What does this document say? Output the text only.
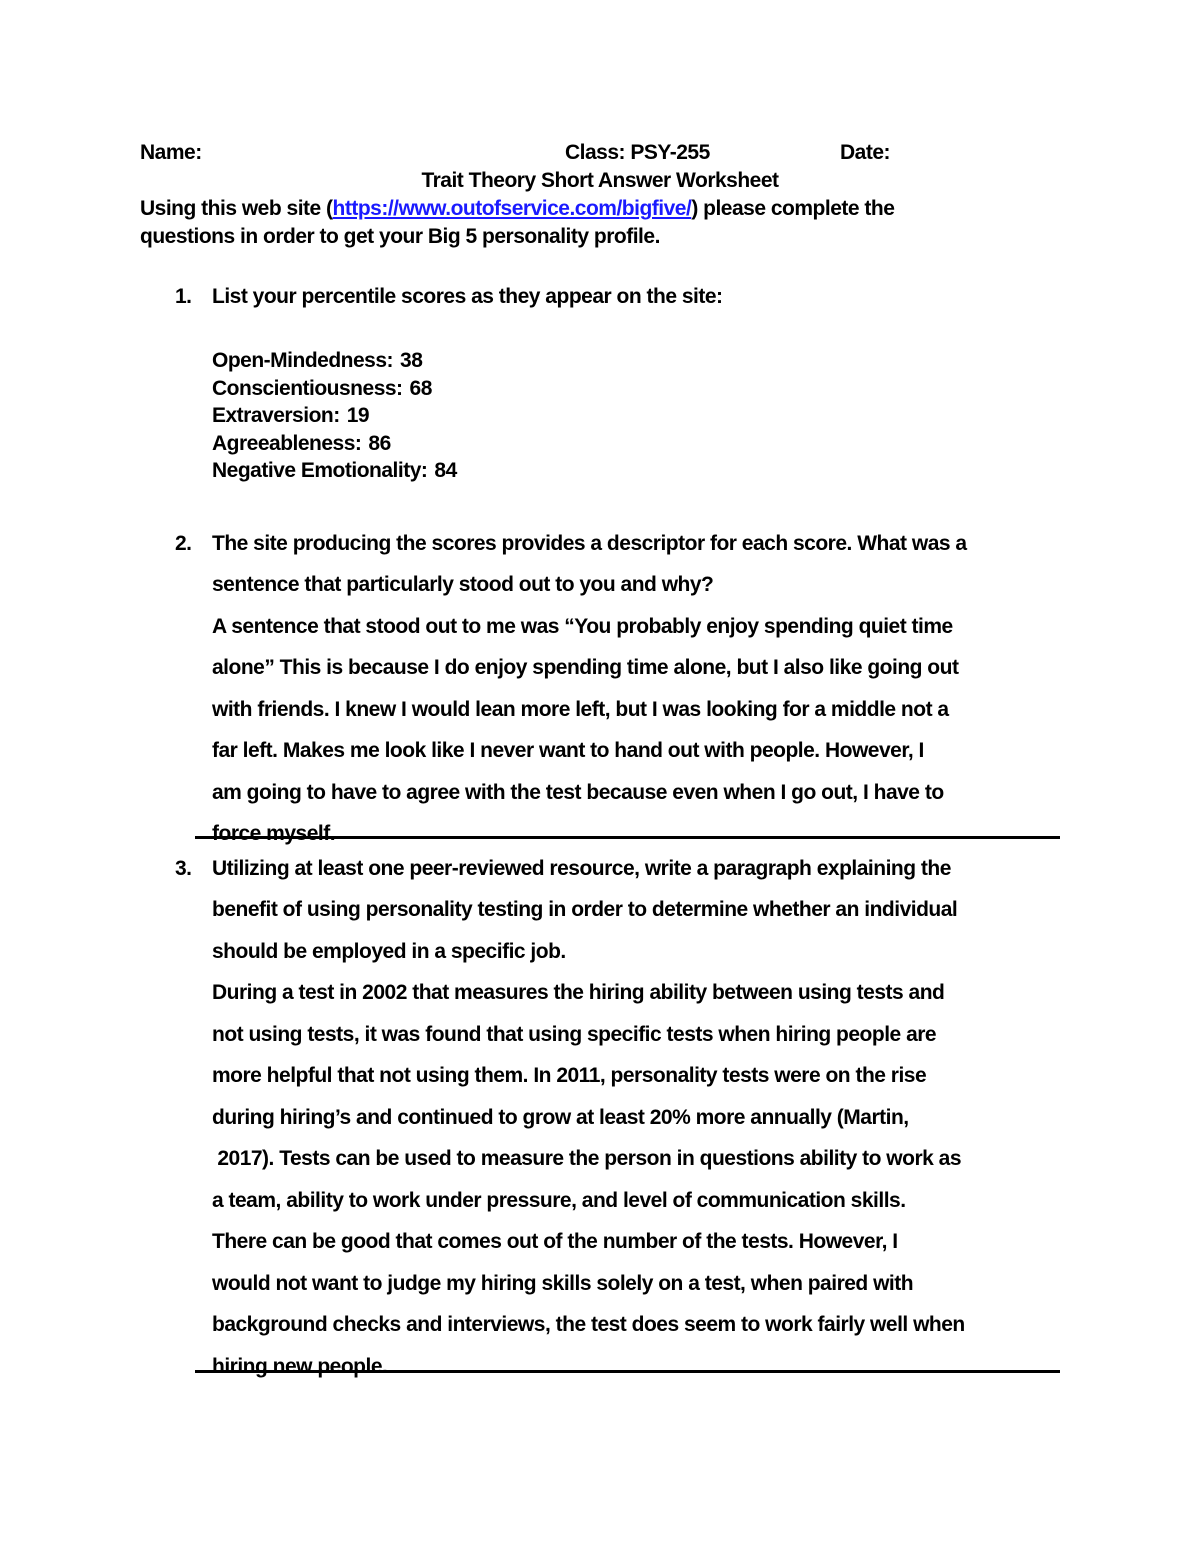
Name:	Class: PSY-255	Date:
Trait Theory Short Answer Worksheet
Using this web site (https://www.outofservice.com/bigfive/) please complete the
questions in order to get your Big 5 personality profile.
1. List your percentile scores as they appear on the site:
Open-Mindedness: 38
Conscientiousness: 68
Extraversion: 19
Agreeableness: 86
Negative Emotionality: 84
2. The site producing the scores provides a descriptor for each score. What was a
sentence that particularly stood out to you and why?
A sentence that stood out to me was “You probably enjoy spending quiet time
alone” This is because I do enjoy spending time alone, but I also like going out
with friends. I knew I would lean more left, but I was looking for a middle not a
far left. Makes me look like I never want to hand out with people. However, I
am going to have to agree with the test because even when I go out, I have to
force myself.
3. Utilizing at least one peer-reviewed resource, write a paragraph explaining the
benefit of using personality testing in order to determine whether an individual
should be employed in a specific job.
During a test in 2002 that measures the hiring ability between using tests and
not using tests, it was found that using specific tests when hiring people are
more helpful that not using them. In 2011, personality tests were on the rise
during hiring’s and continued to grow at least 20% more annually (Martin,
2017). Tests can be used to measure the person in questions ability to work as
a team, ability to work under pressure, and level of communication skills.
There can be good that comes out of the number of the tests. However, I
would not want to judge my hiring skills solely on a test, when paired with
background checks and interviews, the test does seem to work fairly well when
hiring new people.
